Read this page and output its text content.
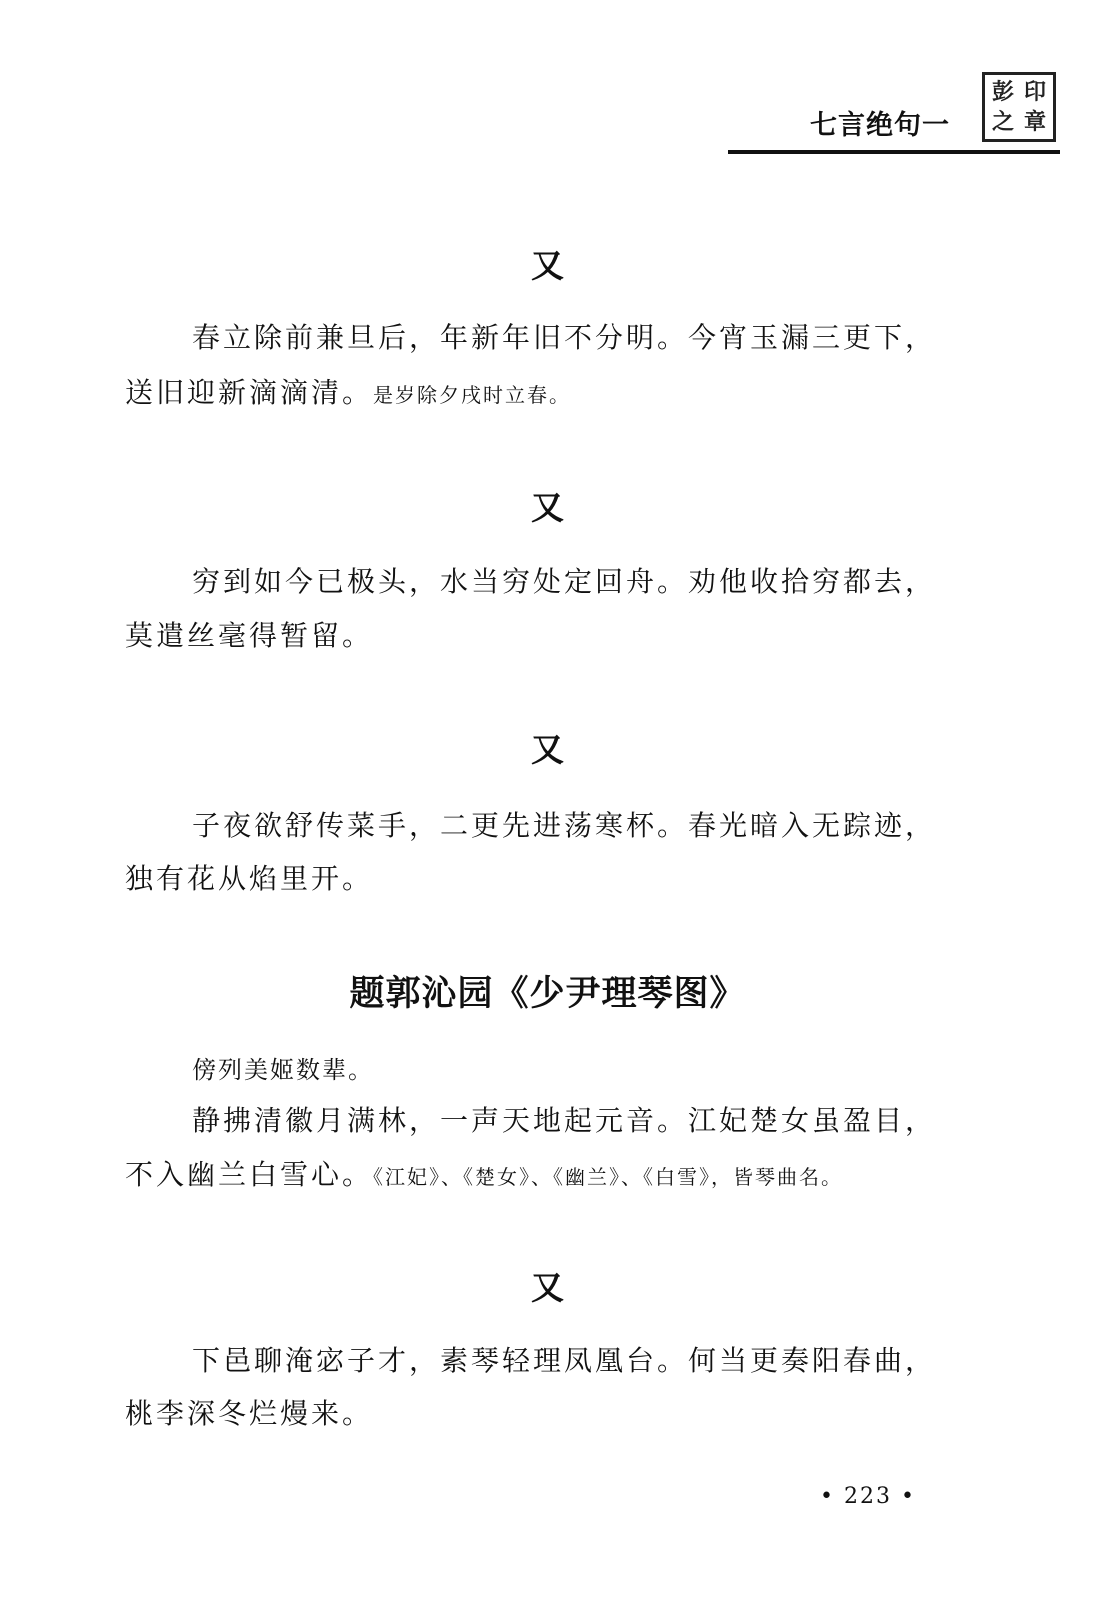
七言绝句一
彭 印
之 章
又
春立除前兼旦后，年新年旧不分明。今宵玉漏三更下，
送旧迎新滴滴清。是岁除夕戌时立春。
又
穷到如今已极头，水当穷处定回舟。劝他收拾穷都去，
莫遣丝毫得暂留。
又
子夜欲舒传菜手，二更先进荡寒杯。春光暗入无踪迹，
独有花从焰里开。
题郭沁园《少尹理琴图》
傍列美姬数辈。
静拂清徽月满林，一声天地起元音。江妃楚女虽盈目，
不入幽兰白雪心。《江妃》、《楚女》、《幽兰》、《白雪》，皆琴曲名。
又
下邑聊淹宓子才，素琴轻理凤凰台。何当更奏阳春曲，
桃李深冬烂熳来。
• 223 •
